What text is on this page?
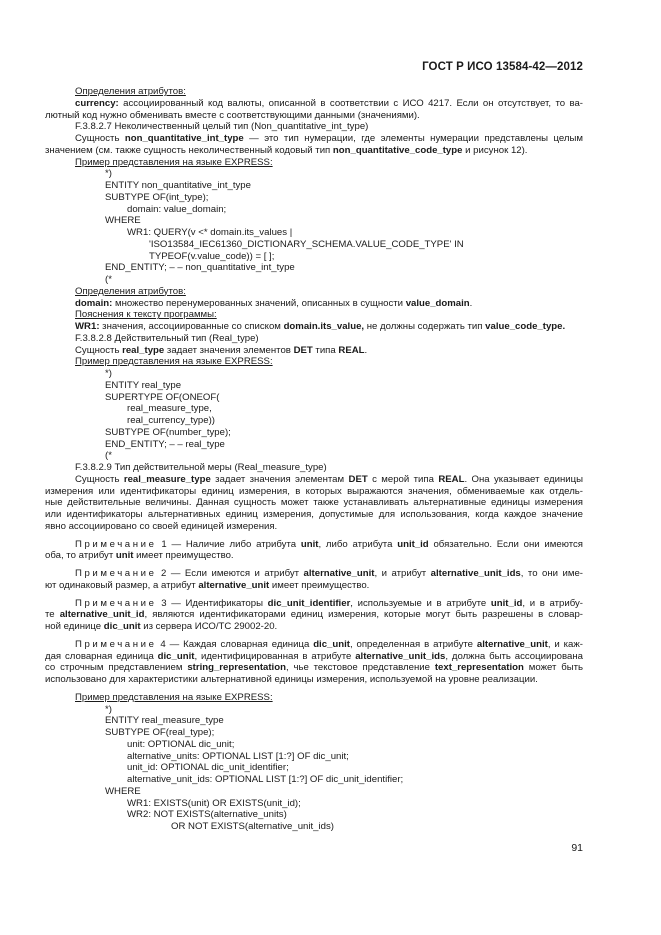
ГОСТ Р ИСО 13584-42—2012
Определения атрибутов:
currency: ассоциированный код валюты, описанной в соответствии с ИСО 4217. Если он отсутствует, то ва-
лютный код нужно обменивать вместе с соответствующими данными (значениями).
F.3.8.2.7 Неколичественный целый тип (Non_quantitative_int_type)
Сущность non_quantitative_int_type — это тип нумерации, где элементы нумерации представлены целым
значением (см. также сущность неколичественный кодовый тип non_quantitative_code_type и рисунок 12).
Пример представления на языке EXPRESS:
*)
ENTITY non_quantitative_int_type
SUBTYPE OF(int_type);
domain: value_domain;
WHERE
WR1: QUERY(v <* domain.its_values |
'ISO13584_IEC61360_DICTIONARY_SCHEMA.VALUE_CODE_TYPE' IN
TYPEOF(v.value_code)) = [ ];
END_ENTITY; – – non_quantitative_int_type
(*
Определения атрибутов:
domain: множество перенумерованных значений, описанных в сущности value_domain.
Пояснения к тексту программы:
WR1: значения, ассоциированные со списком domain.its_value, не должны содержать тип value_code_type.
F.3.8.2.8 Действительный тип (Real_type)
Сущность real_type задает значения элементов DET типа REAL.
Пример представления на языке EXPRESS:
*)
ENTITY real_type
SUPERTYPE OF(ONEOF(
real_measure_type,
real_currency_type))
SUBTYPE OF(number_type);
END_ENTITY; – – real_type
(*
F.3.8.2.9 Тип действительной меры (Real_measure_type)
Сущность real_measure_type задает значения элементам DET с мерой типа REAL. Она указывает единицы
измерения или идентификаторы единиц измерения, в которых выражаются значения, обмениваемые как отдель-
ные действительные величины. Данная сущность может также устанавливать альтернативные единицы измерения
или идентификаторы альтернативных единиц измерения, допустимые для использования, когда каждое значение
явно ассоциировано со своей единицей измерения.
Примечание 1 — Наличие либо атрибута unit, либо атрибута unit_id обязательно. Если они имеются
оба, то атрибут unit имеет преимущество.
Примечание 2 — Если имеются и атрибут alternative_unit, и атрибут alternative_unit_ids, то они име-
ют одинаковый размер, а атрибут alternative_unit имеет преимущество.
Примечание 3 — Идентификаторы dic_unit_identifier, используемые и в атрибуте unit_id, и в атрибу-
те alternative_unit_id, являются идентификаторами единиц измерения, которые могут быть разрешены в словар-
ной единице dic_unit из сервера ИСО/ТС 29002-20.
Примечание 4 — Каждая словарная единица dic_unit, определенная в атрибуте alternative_unit, и каж-
дая словарная единица dic_unit, идентифицированная в атрибуте alternative_unit_ids, должна быть ассоциирована
со строчным представлением string_representation, чье текстовое представление text_representation может быть
использовано для характеристики альтернативной единицы измерения, используемой на уровне реализации.
Пример представления на языке EXPRESS:
*)
ENTITY real_measure_type
SUBTYPE OF(real_type);
unit: OPTIONAL dic_unit;
alternative_units: OPTIONAL LIST [1:?] OF dic_unit;
unit_id: OPTIONAL dic_unit_identifier;
alternative_unit_ids: OPTIONAL LIST [1:?] OF dic_unit_identifier;
WHERE
WR1: EXISTS(unit) OR EXISTS(unit_id);
WR2: NOT EXISTS(alternative_units)
OR NOT EXISTS(alternative_unit_ids)
91
